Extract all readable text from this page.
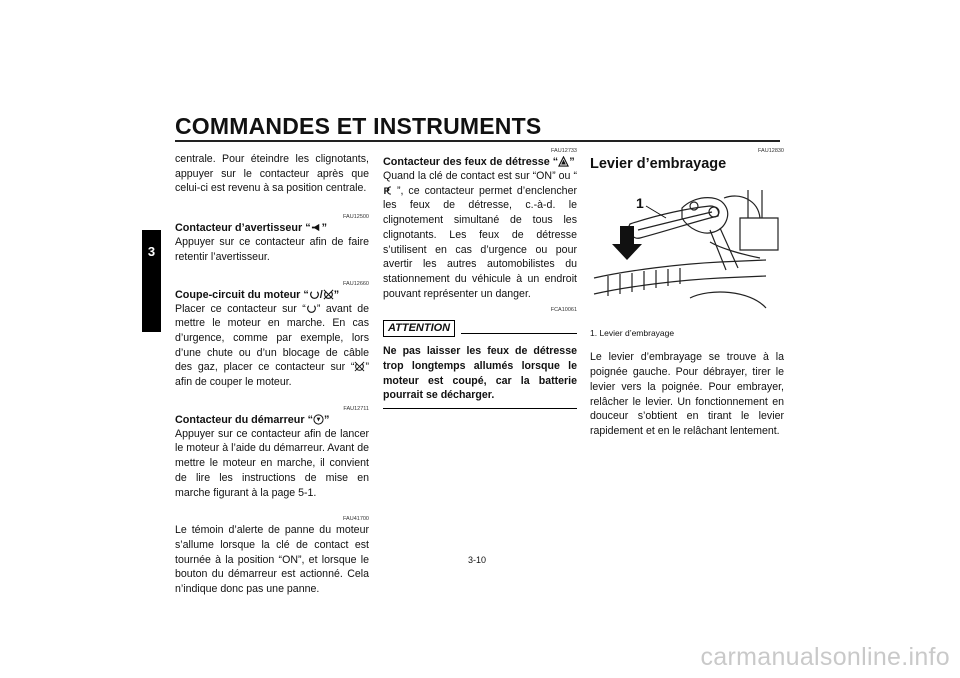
COMMANDES ET INSTRUMENTS
3

centrale. Pour éteindre les clignotants, appuyer sur le contacteur après que celui-ci est revenu à sa position centrale.

FAU12500
Contacteur d’avertisseur “ ”

Appuyer sur ce contacteur afin de faire retentir l’avertisseur.

FAU12660
Coupe-circuit du moteur “ / ”

Placer ce contacteur sur “ ” avant de mettre le moteur en marche. En cas d’urgence, comme par exemple, lors d’une chute ou d’un blocage de câble des gaz, placer ce contacteur sur “ ” afin de couper le moteur.

FAU12711
Contacteur du démarreur “ ”

Appuyer sur ce contacteur afin de lancer le moteur à l’aide du démarreur. Avant de mettre le moteur en marche, il convient de lire les instructions de mise en marche figurant à la page 5-1.

FAU41700

Le témoin d’alerte de panne du moteur s’allume lorsque la clé de contact est tournée à la position “ON”, et lorsque le bouton du démarreur est actionné. Cela n’indique donc pas une panne.

FAU12733
Contacteur des feux de détresse “ ”

Quand la clé de contact est sur “ON” ou “
P ”, ce contacteur permet d’enclencher les feux de détresse, c.-à-d. le clignotement simultané de tous les clignotants. Les feux de détresse s’utilisent en cas d’urgence ou pour avertir les autres automobilistes du stationnement du véhicule à un endroit pouvant représenter un danger.

FCA10061
ATTENTION

Ne pas laisser les feux de détresse trop longtemps allumés lorsque le moteur est coupé, car la batterie pourrait se décharger.

FAU12830
Levier d’embrayage
1
1. Levier d’embrayage

Le levier d’embrayage se trouve à la poignée gauche. Pour débrayer, tirer le levier vers la poignée. Pour embrayer, relâcher le levier. Un fonctionnement en douceur s’obtient en tirant le levier rapidement et en le relâchant lentement.

3-10
carmanualsonline.info
